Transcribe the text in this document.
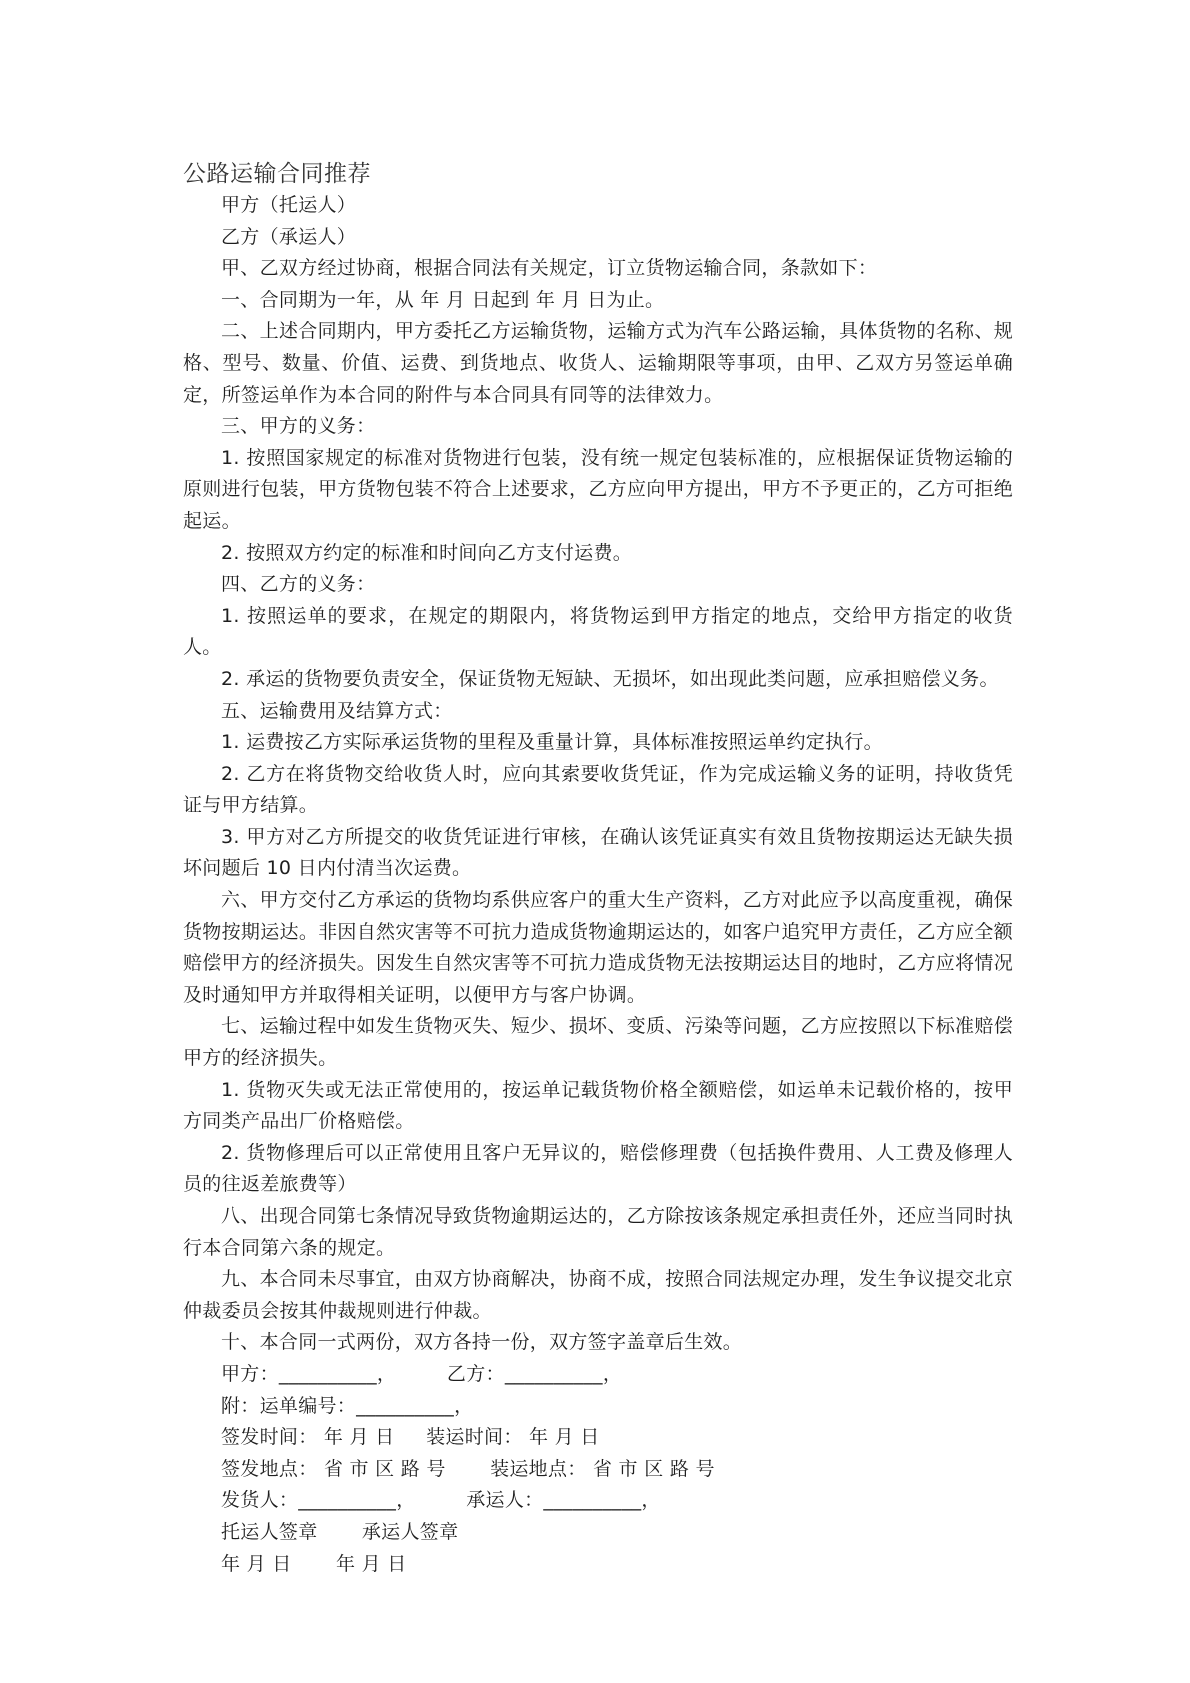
公路运输合同推荐

甲方（托运人）

乙方（承运人）

甲、乙双方经过协商，根据合同法有关规定，订立货物运输合同，条款如下：

一、合同期为一年，从 年 月 日起到 年 月 日为止。

二、上述合同期内，甲方委托乙方运输货物，运输方式为汽车公路运输，具体货物的名称、规格、型号、数量、价值、运费、到货地点、收货人、运输期限等事项，由甲、乙双方另签运单确定，所签运单作为本合同的附件与本合同具有同等的法律效力。

三、甲方的义务：

1. 按照国家规定的标准对货物进行包装，没有统一规定包装标准的，应根据保证货物运输的原则进行包装，甲方货物包装不符合上述要求，乙方应向甲方提出，甲方不予更正的，乙方可拒绝起运。

2. 按照双方约定的标准和时间向乙方支付运费。

四、乙方的义务：

1. 按照运单的要求，在规定的期限内，将货物运到甲方指定的地点，交给甲方指定的收货人。

2. 承运的货物要负责安全，保证货物无短缺、无损坏，如出现此类问题，应承担赔偿义务。

五、运输费用及结算方式：

1. 运费按乙方实际承运货物的里程及重量计算，具体标准按照运单约定执行。

2. 乙方在将货物交给收货人时，应向其索要收货凭证，作为完成运输义务的证明，持收货凭证与甲方结算。

3. 甲方对乙方所提交的收货凭证进行审核，在确认该凭证真实有效且货物按期运达无缺失损坏问题后 10 日内付清当次运费。

六、甲方交付乙方承运的货物均系供应客户的重大生产资料，乙方对此应予以高度重视，确保货物按期运达。非因自然灾害等不可抗力造成货物逾期运达的，如客户追究甲方责任，乙方应全额赔偿甲方的经济损失。因发生自然灾害等不可抗力造成货物无法按期运达目的地时，乙方应将情况及时通知甲方并取得相关证明，以便甲方与客户协调。

七、运输过程中如发生货物灭失、短少、损坏、变质、污染等问题，乙方应按照以下标准赔偿甲方的经济损失。

1. 货物灭失或无法正常使用的，按运单记载货物价格全额赔偿，如运单未记载价格的，按甲方同类产品出厂价格赔偿。

2. 货物修理后可以正常使用且客户无异议的，赔偿修理费（包括换件费用、人工费及修理人员的往返差旅费等）

八、出现合同第七条情况导致货物逾期运达的，乙方除按该条规定承担责任外，还应当同时执行本合同第六条的规定。

九、本合同未尽事宜，由双方协商解决，协商不成，按照合同法规定办理，发生争议提交北京仲裁委员会按其仲裁规则进行仲裁。

十、本合同一式两份，双方各持一份，双方签字盖章后生效。

甲方：__________，        乙方：__________，

附：运单编号：__________，

签发时间： 年 月 日     装运时间： 年 月 日

签发地点： 省 市 区 路 号       装运地点： 省 市 区 路 号

发货人：__________，        承运人：__________，

托运人签章       承运人签章

年 月 日       年 月 日
